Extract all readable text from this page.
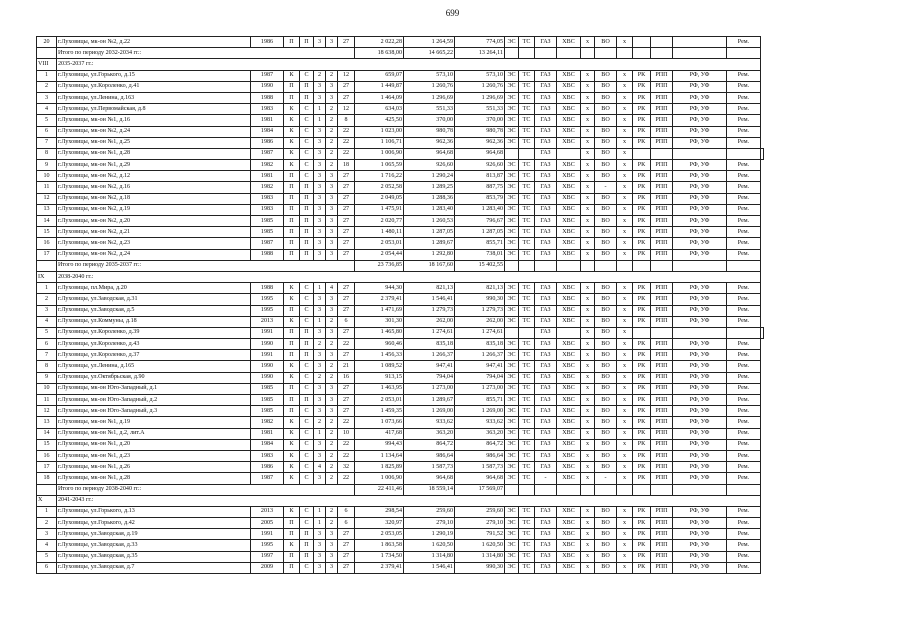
699
20	г.Луховицы, мк-он №2, д.22	1986	П	П	3	3	27	2 022,28	1 264,59	774,05	ЭС	ТС	ГАЗ	ХВС	х	ВО	х				Рем.	
	Итого по периоду 2032-2034 гг.:							18 638,00	14 665,22	13 264,11												
VIII	2035-2037 гг.:																					
1	г.Луховицы, ул.Горького, д.15	1987	К	С	2	2	12	659,07	573,10	573,10	ЭС	ТС	ГАЗ	ХВС	х	ВО	х	РК	РПП	РФ, УФ	Рем.	
2	г.Луховицы, ул.Короленко, д.41	1990	П	П	3	3	27	1 449,87	1 260,76	1 260,76	ЭС	ТС	ГАЗ	ХВС	х	ВО	х	РК	РПП	РФ, УФ	Рем.	
3	г.Луховицы, ул.Ленина, д.163	1988	П	П	3	3	27	1 464,09	1 296,69	1 296,69	ЭС	ТС	ГАЗ	ХВС	х	ВО	х	РК	РПП	РФ, УФ	Рем.	
4	г.Луховицы, ул.Первомайская, д.8	1983	К	С	1	2	12	634,03	551,33	551,33	ЭС	ТС	ГАЗ	ХВС	х	ВО	х	РК	РПП	РФ, УФ	Рем.	
5	г.Луховицы, мк-он №1, д.16	1981	К	С	1	2	8	425,50	370,00	370,00	ЭС	ТС	ГАЗ	ХВС	х	ВО	х	РК	РПП	РФ, УФ	Рем.	
6	г.Луховицы, мк-он №2, д.24	1984	К	С	3	2	22	1 023,00	980,78	980,78	ЭС	ТС	ГАЗ	ХВС	х	ВО	х	РК	РПП	РФ, УФ	Рем.	
7	г.Луховицы, мк-он №1, д.25	1986	К	С	3	2	22	1 106,71	962,36	962,36	ЭС	ТС	ГАЗ	ХВС	х	ВО	х	РК	РПП	РФ, УФ	Рем.	
8	г.Луховицы, мк-он №1, д.28	1987	К	С	3	2	22	1 006,90	964,68	964,68			ГАЗ		х	ВО	х					
9	г.Луховицы, мк-он №1, д.29	1982	К	С	3	2	18	1 065,59	926,60	926,60	ЭС	ТС	ГАЗ	ХВС	х	ВО	х	РК	РПП	РФ, УФ	Рем.	
10	г.Луховицы, мк-он №2, д.12	1981	П	С	3	3	27	1 716,22	1 290,24	813,87	ЭС	ТС	ГАЗ	ХВС	х	ВО	х	РК	РПП	РФ, УФ	Рем.	
11	г.Луховицы, мк-он №2, д.16	1982	П	П	3	3	27	2 052,58	1 289,25	887,75	ЭС	ТС	ГАЗ	ХВС	х	-	х	РК	РПП	РФ, УФ	Рем.	
12	г.Луховицы, мк-он №2, д.18	1983	П	П	3	3	27	2 049,05	1 288,36	853,79	ЭС	ТС	ГАЗ	ХВС	х	ВО	х	РК	РПП	РФ, УФ	Рем.	
13	г.Луховицы, мк-он №2, д.19	1983	П	П	3	3	27	1 475,91	1 283,40	1 283,40	ЭС	ТС	ГАЗ	ХВС	х	ВО	х	РК	РПП	РФ, УФ	Рем.	
14	г.Луховицы, мк-он №2, д.20	1985	П	П	3	3	27	2 020,77	1 260,53	796,67	ЭС	ТС	ГАЗ	ХВС	х	ВО	х	РК	РПП	РФ, УФ	Рем.	
15	г.Луховицы, мк-он №2, д.21	1985	П	П	3	3	27	1 480,11	1 287,05	1 287,05	ЭС	ТС	ГАЗ	ХВС	х	ВО	х	РК	РПП	РФ, УФ	Рем.	
16	г.Луховицы, мк-он №2, д.23	1987	П	П	3	3	27	2 053,01	1 289,67	855,71	ЭС	ТС	ГАЗ	ХВС	х	ВО	х	РК	РПП	РФ, УФ	Рем.	
17	г.Луховицы, мк-он №2, д.24	1988	П	П	3	3	27	2 054,44	1 292,80	738,01	ЭС	ТС	ГАЗ	ХВС	х	ВО	х	РК	РПП	РФ, УФ	Рем.	
	Итого по периоду 2035-2037 гг.:							23 736,85	18 167,60	15 402,55												
IX	2038-2040 гг.:																					
1	г.Луховицы, пл.Мира, д.20	1988	К	С	1	4	27	944,30	821,13	821,13	ЭС	ТС	ГАЗ	ХВС	х	ВО	х	РК	РПП	РФ, УФ	Рем.	
2	г.Луховицы, ул.Заводская, д.31	1995	К	С	3	3	27	2 379,41	1 546,41	990,30	ЭС	ТС	ГАЗ	ХВС	х	ВО	х	РК	РПП	РФ, УФ	Рем.	
3	г.Луховицы, ул.Заводская, д.5	1995	П	С	3	3	27	1 471,69	1 279,73	1 279,73	ЭС	ТС	ГАЗ	ХВС	х	ВО	х	РК	РПП	РФ, УФ	Рем.	
4	г.Луховицы, ул.Коммуны, д.18	2013	К	С	1	2	6	301,30	262,00	262,00	ЭС	ТС	ГАЗ	ХВС	х	ВО	х	РК	РПП	РФ, УФ	Рем.	
5	г.Луховицы, ул.Короленко, д.39	1991	П	П	3	3	27	1 465,80	1 274,61	1 274,61			ГАЗ		х	ВО	х					
6	г.Луховицы, ул.Короленко, д.43	1990	П	П	2	2	22	960,46	835,18	835,18	ЭС	ТС	ГАЗ	ХВС	х	ВО	х	РК	РПП	РФ, УФ	Рем.	
7	г.Луховицы, ул.Короленко, д.37	1991	П	П	3	3	27	1 456,33	1 266,37	1 266,37	ЭС	ТС	ГАЗ	ХВС	х	ВО	х	РК	РПП	РФ, УФ	Рем.	
8	г.Луховицы, ул.Ленина, д.165	1990	К	С	3	2	21	1 089,52	947,41	947,41	ЭС	ТС	ГАЗ	ХВС	х	ВО	х	РК	РПП	РФ, УФ	Рем.	
9	г.Луховицы, ул.Октябрьская, д.90	1990	К	С	2	2	16	913,15	794,04	794,04	ЭС	ТС	ГАЗ	ХВС	х	ВО	х	РК	РПП	РФ, УФ	Рем.	
10	г.Луховицы, мк-он Юго-Западный, д.1	1985	П	С	3	3	27	1 463,95	1 273,00	1 273,00	ЭС	ТС	ГАЗ	ХВС	х	ВО	х	РК	РПП	РФ, УФ	Рем.	
11	г.Луховицы, мк-он Юго-Западный, д.2	1985	П	П	3	3	27	2 053,01	1 289,67	855,71	ЭС	ТС	ГАЗ	ХВС	х	ВО	х	РК	РПП	РФ, УФ	Рем.	
12	г.Луховицы, мк-он Юго-Западный, д.3	1985	П	С	3	3	27	1 459,35	1 269,00	1 269,00	ЭС	ТС	ГАЗ	ХВС	х	ВО	х	РК	РПП	РФ, УФ	Рем.	
13	г.Луховицы, мк-он №1, д.19	1982	К	С	2	2	22	1 073,66	933,62	933,62	ЭС	ТС	ГАЗ	ХВС	х	ВО	х	РК	РПП	РФ, УФ	Рем.	
14	г.Луховицы, мк-он №1, д.2, лит.А	1981	К	С	1	2	10	417,68	363,20	363,20	ЭС	ТС	ГАЗ	ХВС	х	ВО	х	РК	РПП	РФ, УФ	Рем.	
15	г.Луховицы, мк-он №1, д.20	1984	К	С	3	2	22	994,43	864,72	864,72	ЭС	ТС	ГАЗ	ХВС	х	ВО	х	РК	РПП	РФ, УФ	Рем.	
16	г.Луховицы, мк-он №1, д.23	1983	К	С	3	2	22	1 134,64	986,64	986,64	ЭС	ТС	ГАЗ	ХВС	х	ВО	х	РК	РПП	РФ, УФ	Рем.	
17	г.Луховицы, мк-он №1, д.26	1986	К	С	4	2	32	1 825,89	1 587,73	1 587,73	ЭС	ТС	ГАЗ	ХВС	х	ВО	х	РК	РПП	РФ, УФ	Рем.	
18	г.Луховицы, мк-он №1, д.28	1987	К	С	3	2	22	1 006,90	964,68	964,68	ЭС	ТС	-	ХВС	х	-	х	РК	РПП	РФ, УФ	Рем.	
	Итого по периоду 2038-2040 гг.:							22 411,46	18 559,14	17 569,07												
X	2041-2043 гг.:																					
1	г.Луховицы, ул.Горького, д.13	2013	К	С	1	2	6	298,54	259,60	259,60	ЭС	ТС	ГАЗ	ХВС	х	ВО	х	РК	РПП	РФ, УФ	Рем.	
2	г.Луховицы, ул.Горького, д.42	2005	П	С	1	2	6	320,97	279,10	279,10	ЭС	ТС	ГАЗ	ХВС	х	ВО	х	РК	РПП	РФ, УФ	Рем.	
3	г.Луховицы, ул.Заводская, д.19	1991	П	П	3	3	27	2 053,05	1 290,19	791,52	ЭС	ТС	ГАЗ	ХВС	х	ВО	х	РК	РПП	РФ, УФ	Рем.	
4	г.Луховицы, ул.Заводская, д.33	1995	К	П	3	3	27	1 863,58	1 620,50	1 620,50	ЭС	ТС	ГАЗ	ХВС	х	ВО	х	РК	РПП	РФ, УФ	Рем.	
5	г.Луховицы, ул.Заводская, д.35	1997	П	П	3	3	27	1 734,50	1 314,80	1 314,80	ЭС	ТС	ГАЗ	ХВС	х	ВО	х	РК	РПП	РФ, УФ	Рем.	
6	г.Луховицы, ул.Заводская, д.7	2009	П	С	3	3	27	2 379,41	1 546,41	990,30	ЭС	ТС	ГАЗ	ХВС	х	ВО	х	РК	РПП	РФ, УФ	Рем.	
